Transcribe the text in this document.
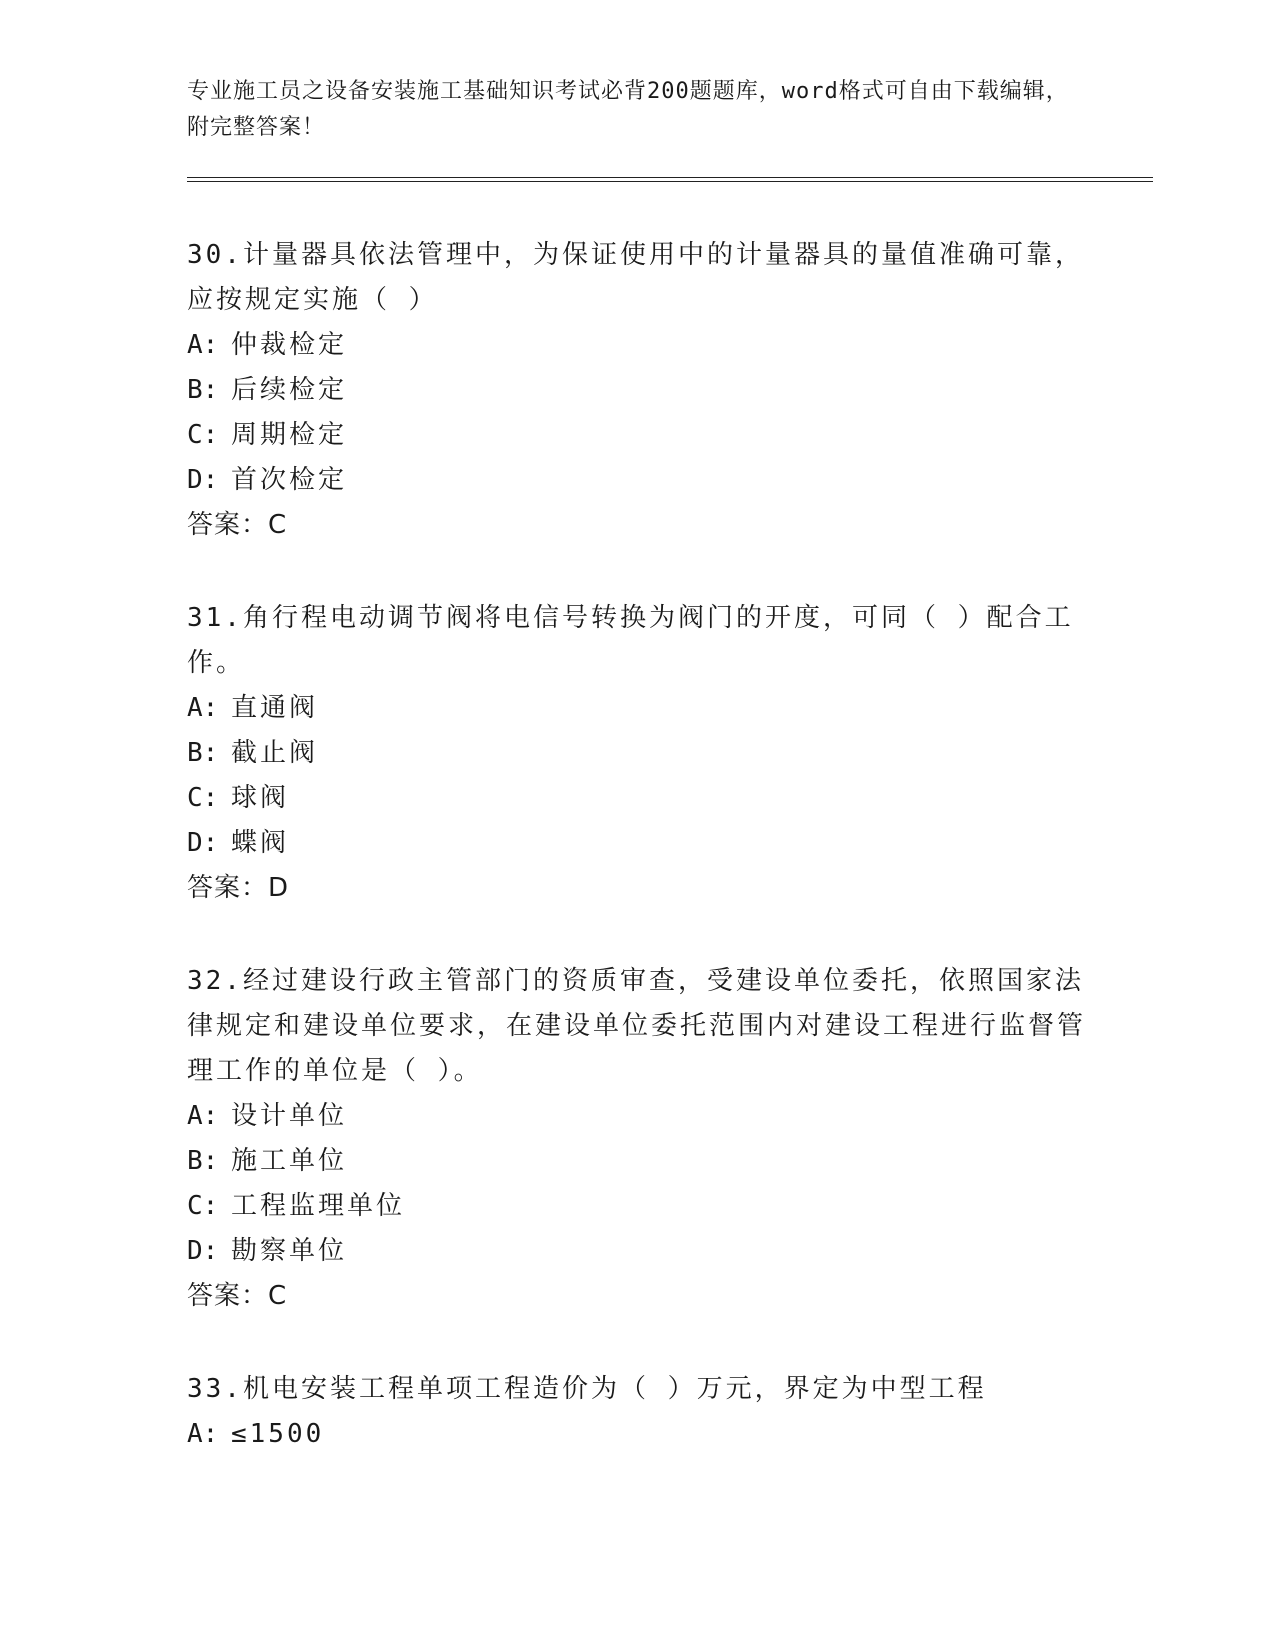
专业施工员之设备安装施工基础知识考试必背200题题库，word格式可自由下载编辑，附完整答案！

30.计量器具依法管理中，为保证使用中的计量器具的量值准确可靠，应按规定实施（ ）

A: 仲裁检定

B: 后续检定

C: 周期检定

D: 首次检定

答案：C

31.角行程电动调节阀将电信号转换为阀门的开度，可同（ ）配合工作。

A: 直通阀

B: 截止阀

C: 球阀

D: 蝶阀

答案：D

32.经过建设行政主管部门的资质审查，受建设单位委托，依照国家法律规定和建设单位要求，在建设单位委托范围内对建设工程进行监督管理工作的单位是（ ）。

A: 设计单位

B: 施工单位

C: 工程监理单位

D: 勘察单位

答案：C

33.机电安装工程单项工程造价为（ ）万元，界定为中型工程

A: ≤1500
